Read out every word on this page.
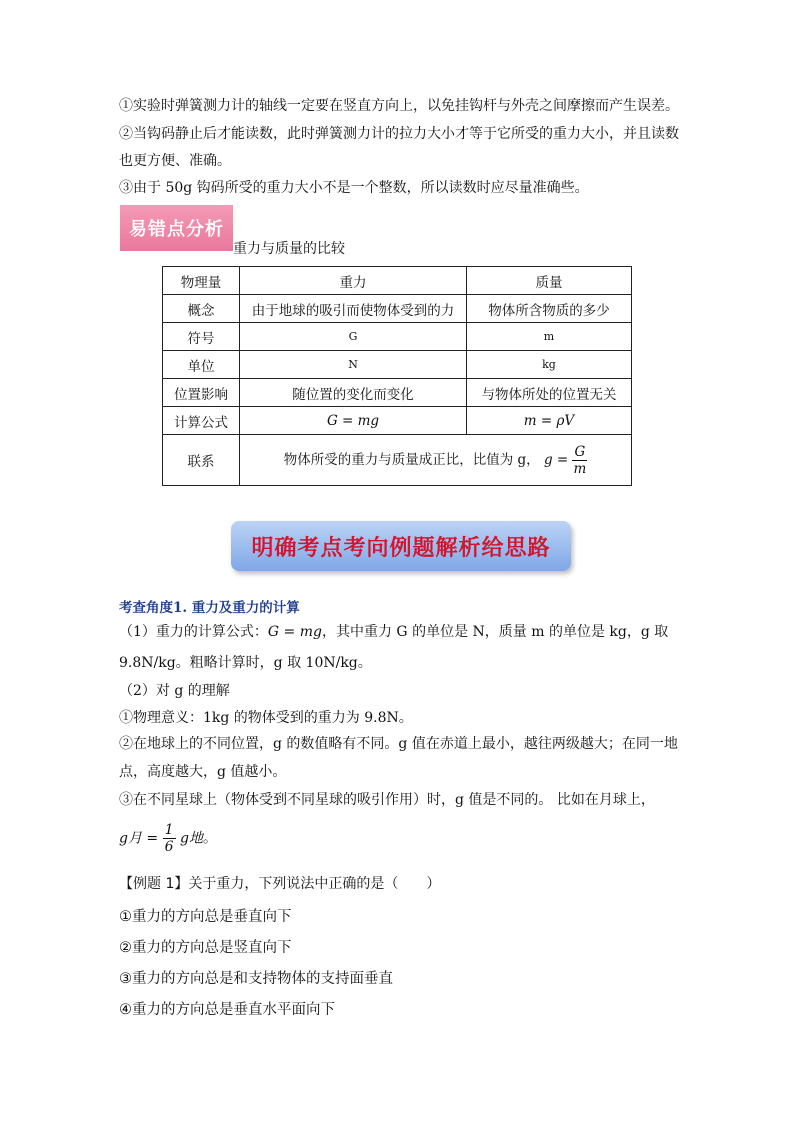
①实验时弹簧测力计的轴线一定要在竖直方向上，以免挂钩杆与外壳之间摩擦而产生误差。
②当钩码静止后才能读数，此时弹簧测力计的拉力大小才等于它所受的重力大小，并且读数
也更方便、准确。
③由于 50g 钩码所受的重力大小不是一个整数，所以读数时应尽量准确些。
易错点分析
重力与质量的比较
物理量	重力	质量
概念	由于地球的吸引而使物体受到的力	物体所含物质的多少
符号	G	m
单位	N	kg
位置影响	随位置的变化而变化	与物体所处的位置无关
计算公式	G = mg	m = ρV
联系	物体所受的重力与质量成正比，比值为 g， $g = \frac{G}{m}$
明确考点考向例题解析给思路
考查角度1. 重力及重力的计算
（1）重力的计算公式：G = mg，其中重力 G 的单位是 N，质量 m 的单位是 kg，g 取
9.8N/kg。粗略计算时，g 取 10N/kg。
（2）对 g 的理解
①物理意义：1kg 的物体受到的重力为 9.8N。
②在地球上的不同位置，g 的数值略有不同。g 值在赤道上最小，越往两级越大；在同一地
点，高度越大，g 值越小。
③在不同星球上（物体受到不同星球的吸引作用）时，g 值是不同的。 比如在月球上，
g月 = $\frac{1}{6}$ g地。
【例题 1】关于重力，下列说法中正确的是（　　）
①重力的方向总是垂直向下
②重力的方向总是竖直向下
③重力的方向总是和支持物体的支持面垂直
④重力的方向总是垂直水平面向下
